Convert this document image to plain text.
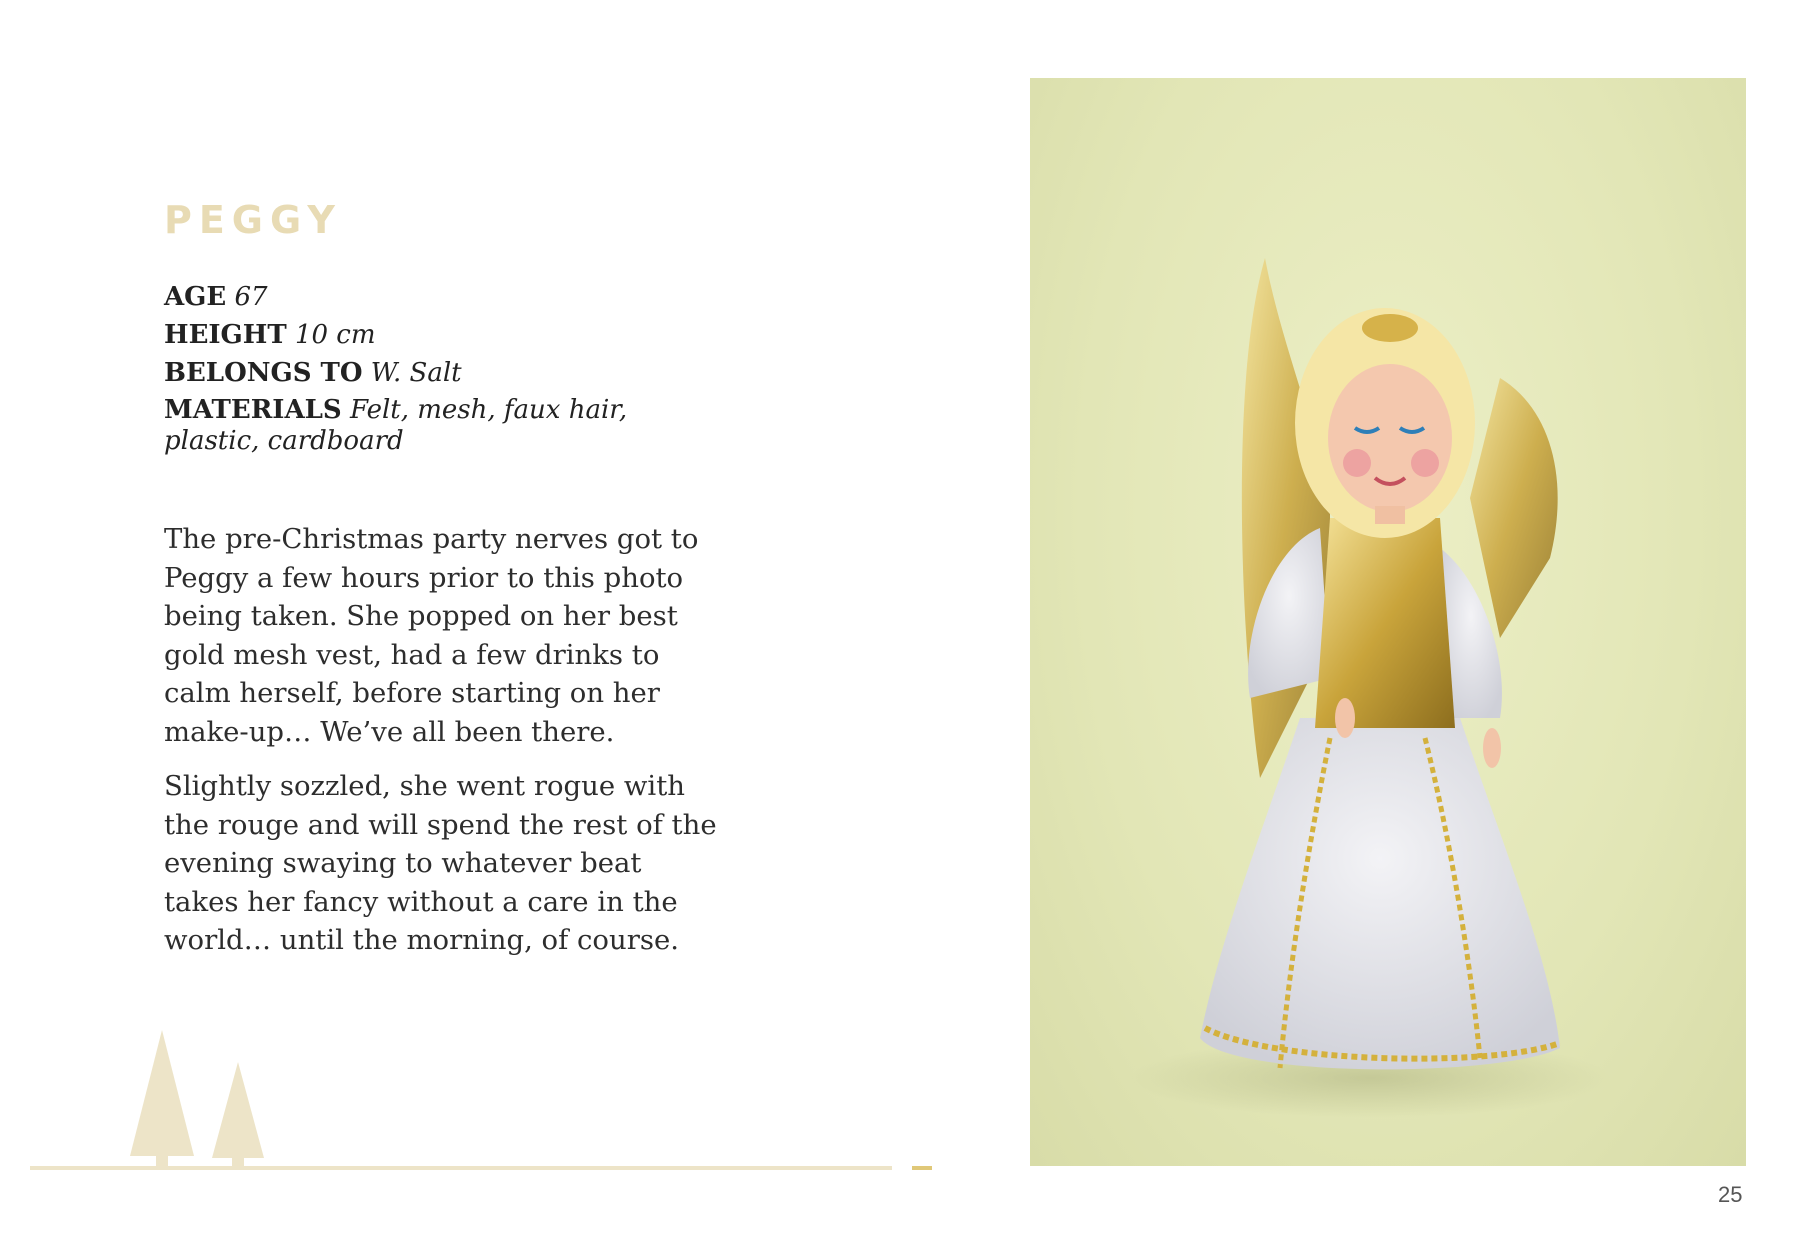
PEGGY
AGE 67
HEIGHT 10 cm
BELONGS TO W. Salt
MATERIALS Felt, mesh, faux hair, plastic, cardboard

The pre-Christmas party nerves got to Peggy a few hours prior to this photo being taken. She popped on her best gold mesh vest, had a few drinks to calm herself, before starting on her make-up… We’ve all been there.

Slightly sozzled, she went rogue with the rouge and will spend the rest of the evening swaying to whatever beat takes her fancy without a care in the world… until the morning, of course.

25
